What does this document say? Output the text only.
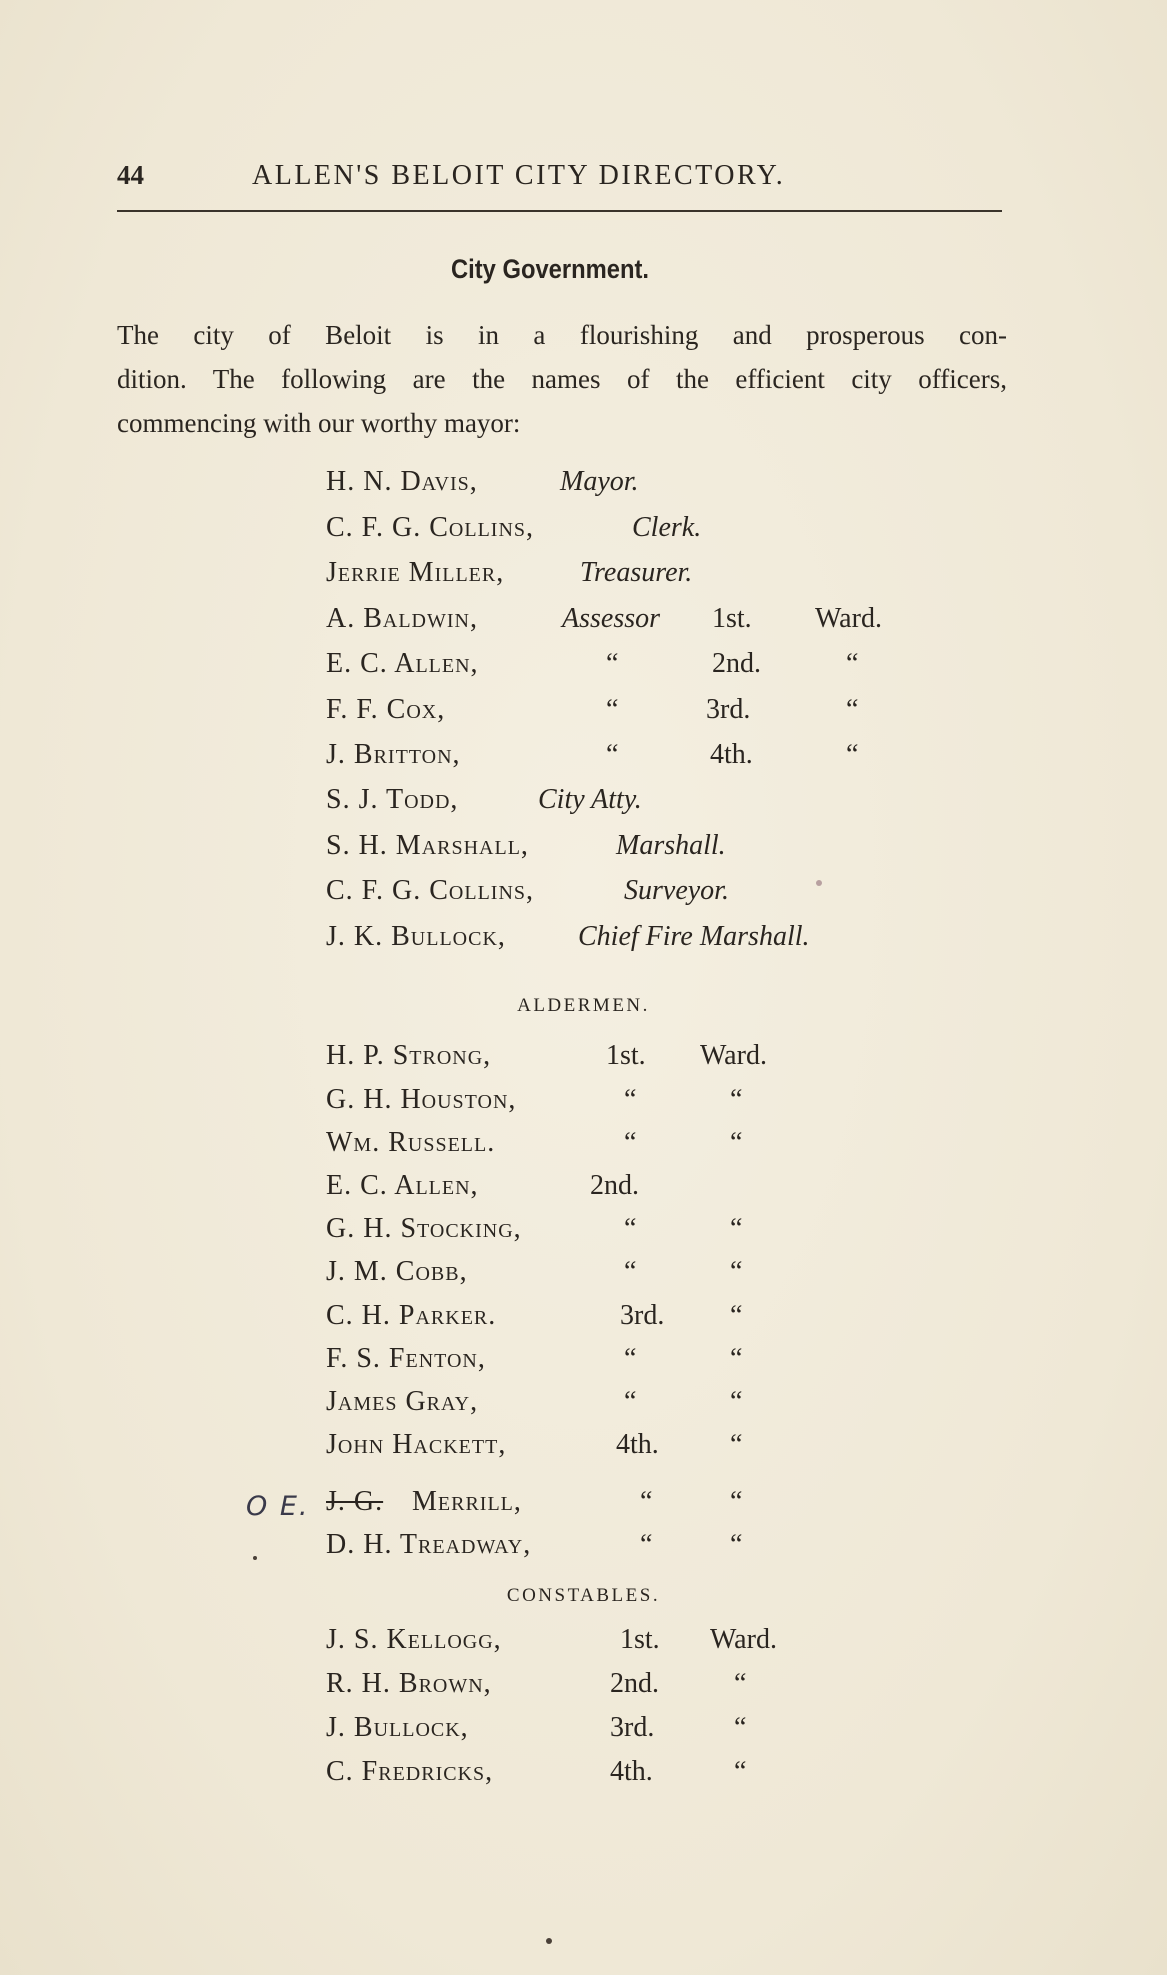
44	ALLEN'S BELOIT CITY DIRECTORY.
City Government.
The city of Beloit is in a flourishing and prosperous con-
dition. The following are the names of the efficient city officers,
commencing with our worthy mayor:
H. N. Davis,	Mayor.
C. F. G. Collins,	Clerk.
Jerrie Miller,	Treasurer.
A. Baldwin,	Assessor 1st. Ward.
E. C. Allen,	“	2nd.	“
F. F. Cox,	“	3rd.	“
J. Britton,	“	4th.	“
S. J. Todd,	City Atty.
S. H. Marshall,	Marshall.
C. F. G. Collins,	Surveyor.
J. K. Bullock,	Chief Fire Marshall.
ALDERMEN.
H. P. Strong,	1st. Ward.
G. H. Houston,	“	“
Wm. Russell.	“	“
E. C. Allen,	2nd.
G. H. Stocking,	“	“
J. M. Cobb,	“	“
C. H. Parker.	3rd. “
F. S. Fenton,	“	“
James Gray,	“	“
John Hackett,	4th.	“
J. G. Merrill,	“	“
D. H. Treadway,	“	“
O E.
CONSTABLES.
J. S. Kellogg,	1st. Ward.
R. H. Brown,	2nd.	“
J. Bullock,	3rd.	“
C. Fredricks,	4th.	“
